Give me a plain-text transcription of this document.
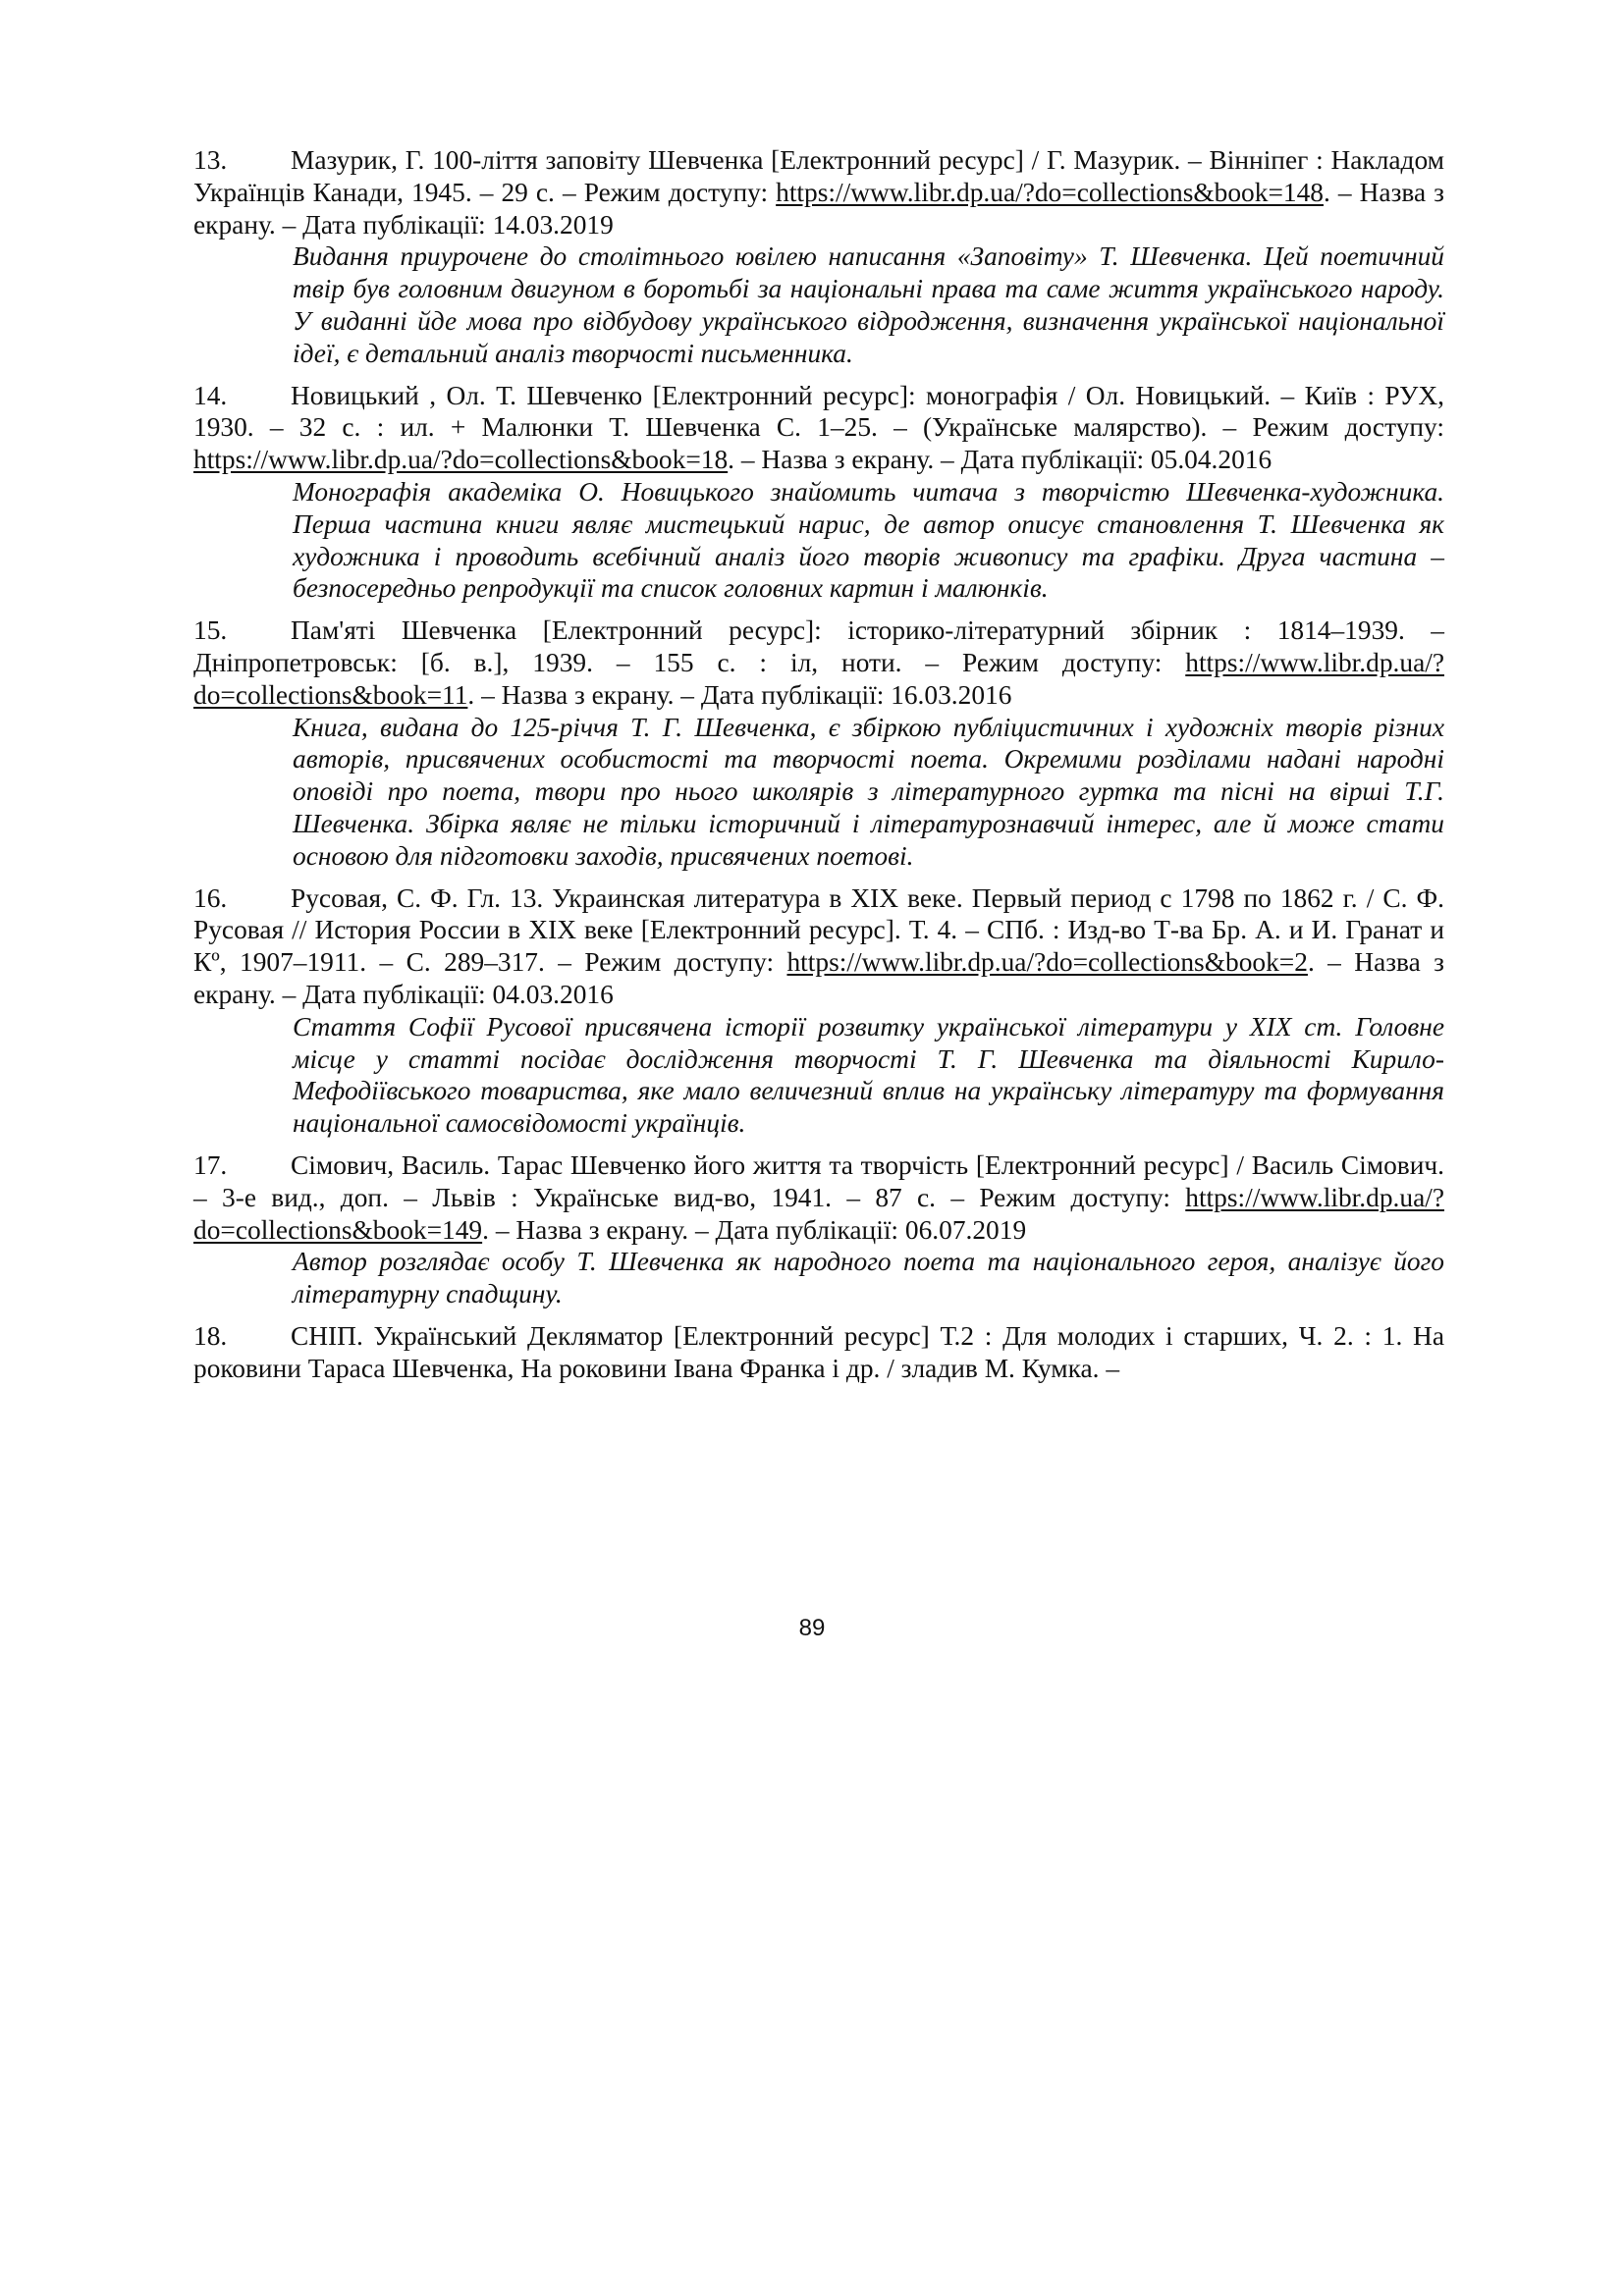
13. Мазурик, Г. 100-ліття заповіту Шевченка [Електронний ресурс] / Г. Мазурик. – Вінніпег : Накладом Українців Канади, 1945. – 29 с. – Режим доступу: https://www.libr.dp.ua/?do=collections&book=148. – Назва з екрану. – Дата публікації: 14.03.2019
Видання приурочене до столітнього ювілею написання «Заповіту» Т. Шевченка. Цей поетичний твір був головним двигуном в боротьбі за національні права та саме життя українського народу. У виданні йде мова про відбудову українського відродження, визначення української національної ідеї, є детальний аналіз творчості письменника.
14. Новицький , Ол. Т. Шевченко [Електронний ресурс]: монографія / Ол. Новицький. – Київ : РУХ, 1930. – 32 с. : ил. + Малюнки Т. Шевченка С. 1–25. – (Українське малярство). – Режим доступу: https://www.libr.dp.ua/?do=collections&book=18. – Назва з екрану. – Дата публікації: 05.04.2016
Монографія академіка О. Новицького знайомить читача з творчістю Шевченка-художника. Перша частина книги являє мистецький нарис, де автор описує становлення Т. Шевченка як художника і проводить всебічний аналіз його творів живопису та графіки. Друга частина – безпосередньо репродукції та список головних картин і малюнків.
15. Пам'яті Шевченка [Електронний ресурс]: історико-літературний збірник : 1814–1939. – Дніпропетровськ: [б. в.], 1939. – 155 с. : іл, ноти. – Режим доступу: https://www.libr.dp.ua/?do=collections&book=11. – Назва з екрану. – Дата публікації: 16.03.2016
Книга, видана до 125-річчя Т. Г. Шевченка, є збіркою публіцистичних і художніх творів різних авторів, присвячених особистості та творчості поета. Окремими розділами надані народні оповіді про поета, твори про нього школярів з літературного гуртка та пісні на вірші Т.Г. Шевченка. Збірка являє не тільки історичний і літературознавчий інтерес, але й може стати основою для підготовки заходів, присвячених поетові.
16. Русовая, С. Ф. Гл. 13. Украинская литература в XIX веке. Первый период с 1798 по 1862 г. / С. Ф. Русовая // История России в XIX веке [Електронний ресурс]. Т. 4. – СПб. : Изд-во Т-ва Бр. А. и И. Гранат и Кº, 1907–1911. – С. 289–317. – Режим доступу: https://www.libr.dp.ua/?do=collections&book=2. – Назва з екрану. – Дата публікації: 04.03.2016
Стаття Софії Русової присвячена історії розвитку української літератури у XIX ст. Головне місце у статті посідає дослідження творчості Т. Г. Шевченка та діяльності Кирило-Мефодіївського товариства, яке мало величезний вплив на українську літературу та формування національної самосвідомості українців.
17. Сімович, Василь. Тарас Шевченко його життя та творчість [Електронний ресурс] / Василь Сімович. – 3-е вид., доп. – Львів : Українське вид-во, 1941. – 87 с. – Режим доступу: https://www.libr.dp.ua/?do=collections&book=149. – Назва з екрану. – Дата публікації: 06.07.2019
Автор розглядає особу Т. Шевченка як народного поета та національного героя, аналізує його літературну спадщину.
18. СНІП. Український Декляматор [Електронний ресурс] Т.2 : Для молодих і старших, Ч. 2. : 1. На роковини Тараса Шевченка, На роковини Івана Франка і др. / зладив М. Кумка. –
89
